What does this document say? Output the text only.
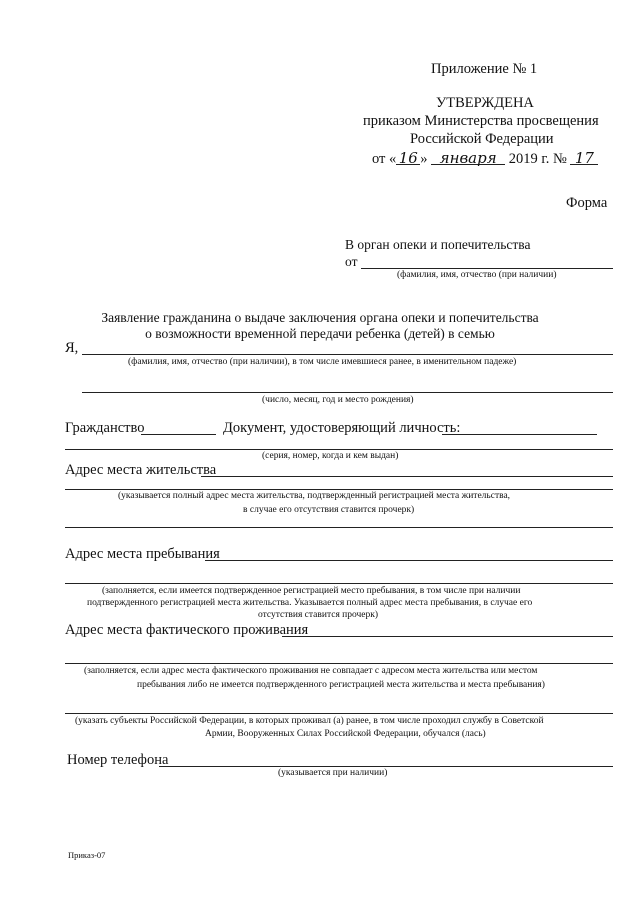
Приложение № 1
УТВЕРЖДЕНА
приказом Министерства просвещения
Российской Федерации
от « 16 » января 2019 г. № 17
Форма
В орган опеки и попечительства
от
(фамилия, имя, отчество (при наличии)
Заявление гражданина о выдаче заключения органа опеки и попечительства
о возможности временной передачи ребенка (детей) в семью
Я,
(фамилия, имя, отчество (при наличии), в том числе имевшиеся ранее, в именительном падеже)
(число, месяц, год и место рождения)
Гражданство	Документ, удостоверяющий личность:
(серия, номер, когда и кем выдан)
Адрес места жительства
(указывается полный адрес места жительства, подтвержденный регистрацией места жительства,
в случае его отсутствия ставится прочерк)
Адрес места пребывания
(заполняется, если имеется подтвержденное регистрацией место пребывания, в том числе при наличии
подтвержденного регистрацией места жительства. Указывается полный адрес места пребывания, в случае его
отсутствия ставится прочерк)
Адрес места фактического проживания
(заполняется, если адрес места фактического проживания не совпадает с адресом места жительства или местом
пребывания либо не имеется подтвержденного регистрацией места жительства и места пребывания)
(указать субъекты Российской Федерации, в которых проживал (а) ранее, в том числе проходил службу в Советской
Армии, Вооруженных Силах Российской Федерации, обучался (лась)
Номер телефона
(указывается при наличии)
Приказ-07
